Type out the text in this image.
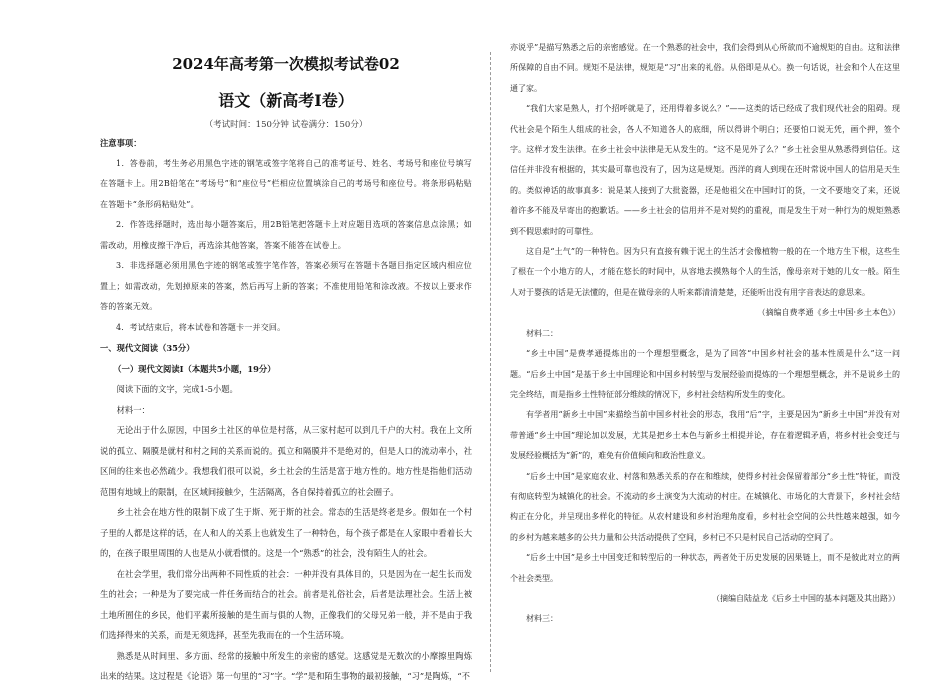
2024年高考第一次模拟考试卷02
语文（新高考Ⅰ卷）
（考试时间：150分钟 试卷满分：150分）

注意事项：

1．答卷前，考生务必用黑色字迹的钢笔或签字笔将自己的准考证号、姓名、考场号和座位号填写在答题卡上。用2B铅笔在“考场号”和“座位号”栏相应位置填涂自己的考场号和座位号。将条形码粘贴在答题卡“条形码粘贴处”。

2．作答选择题时，选出每小题答案后，用2B铅笔把答题卡上对应题目选项的答案信息点涂黑；如需改动，用橡皮擦干净后，再选涂其他答案，答案不能答在试卷上。

3．非选择题必须用黑色字迹的钢笔或签字笔作答，答案必须写在答题卡各题目指定区域内相应位置上；如需改动，先划掉原来的答案，然后再写上新的答案；不准使用铅笔和涂改液。不按以上要求作答的答案无效。

4．考试结束后，将本试卷和答题卡一并交回。

一、现代文阅读（35分）

（一）现代文阅读Ⅰ（本题共5小题，19分）

阅读下面的文字，完成1-5小题。

材料一：

无论出于什么原因，中国乡土社区的单位是村落，从三家村起可以到几千户的大村。我在上文所说的孤立、隔膜是就村和村之间的关系而说的。孤立和隔膜并不是绝对的，但是人口的流动率小，社区间的往来也必然疏少。我想我们很可以说，乡土社会的生活是富于地方性的。地方性是指他们活动范围有地域上的限制，在区域间接触少，生活隔离，各自保持着孤立的社会圈子。

乡土社会在地方性的限制下成了生于斯、死于斯的社会。常态的生活是终老是乡。假如在一个村子里的人都是这样的话，在人和人的关系上也就发生了一种特色，每个孩子都是在人家眼中看着长大的，在孩子眼里周围的人也是从小就看惯的。这是一个“熟悉”的社会，没有陌生人的社会。

在社会学里，我们常分出两种不同性质的社会：一种并没有具体目的，只是因为在一起生长而发生的社会；一种是为了要完成一件任务而结合的社会。前者是礼俗社会，后者是法理社会。生活上被土地所囿住的乡民，他们平素所接触的是生而与俱的人物，正像我们的父母兄弟一般，并不是由于我们选择得来的关系，而是无须选择，甚至先我而在的一个生活环境。

熟悉是从时间里、多方面、经常的接触中所发生的亲密的感觉。这感觉是无数次的小摩擦里陶炼出来的结果。这过程是《论语》第一句里的“习”字。“学”是和陌生事物的最初接触，“习”是陶炼，“不

亦说乎”是描写熟悉之后的亲密感觉。在一个熟悉的社会中，我们会得到从心所欲而不逾规矩的自由。这和法律所保障的自由不同。规矩不是法律，规矩是“习”出来的礼俗。从俗即是从心。换一句话说，社会和个人在这里通了家。

“我们大家是熟人，打个招呼就是了，还用得着多说么？”——这类的话已经成了我们现代社会的阻碍。现代社会是个陌生人组成的社会，各人不知道各人的底细，所以得讲个明白；还要怕口说无凭，画个押，签个字。这样才发生法律。在乡土社会中法律是无从发生的。“这不是见外了么？”乡土社会里从熟悉得到信任。这信任并非没有根据的，其实最可靠也没有了，因为这是规矩。西洋的商人到现在还时常说中国人的信用是天生的。类似神话的故事真多：说是某人接到了大批瓷器，还是他祖父在中国时订的货，一文不要地交了来，还说着许多不能及早寄出的抱歉话。——乡土社会的信用并不是对契约的重视，而是发生于对一种行为的规矩熟悉到不假思索时的可靠性。

这自是“土气”的一种特色。因为只有直接有赖于泥土的生活才会像植物一般的在一个地方生下根，这些生了根在一个小地方的人，才能在悠长的时间中，从容地去摸熟每个人的生活，像母亲对于她的儿女一般。陌生人对于婴孩的话是无法懂的，但是在做母亲的人听来都清清楚楚，还能听出没有用字音表达的意思来。

（摘编自费孝通《乡土中国·乡土本色》）

材料二：

“乡土中国”是费孝通提炼出的一个理想型概念，是为了回答“中国乡村社会的基本性质是什么”这一问题。“后乡土中国”是基于乡土中国理论和中国乡村转型与发展经验而提炼的一个理想型概念，并不是说乡土的完全终结，而是指乡土性特征部分维续的情况下，乡村社会结构所发生的变化。

有学者用“新乡土中国”来描绘当前中国乡村社会的形态，我用“后”字，主要是因为“新乡土中国”并没有对带普通“乡土中国”理论加以发展，尤其是把乡土本色与新乡土相提并论，存在着逻辑矛盾，将乡村社会变迁与发展经验概括为“新”的，难免有价值倾向和政治性意义。

“后乡土中国”是家庭农业、村落和熟悉关系的存在和维续，使得乡村社会保留着部分“乡土性”特征，而没有彻底转型为城镇化的社会。不流动的乡土演变为大流动的村庄。在城镇化、市场化的大背景下，乡村社会结构正在分化，并呈现出多样化的特征。从农村建设和乡村治理角度看，乡村社会空间的公共性越来越强，如今的乡村为越来越多的公共力量和公共活动提供了空间，乡村已不只是村民自己活动的空间了。

“后乡土中国”是乡土中国变迁和转型后的一种状态，两者处于历史发展的因果链上，而不是彼此对立的两个社会类型。

（摘编自陆益龙《后乡土中国的基本问题及其出路》）

材料三：
